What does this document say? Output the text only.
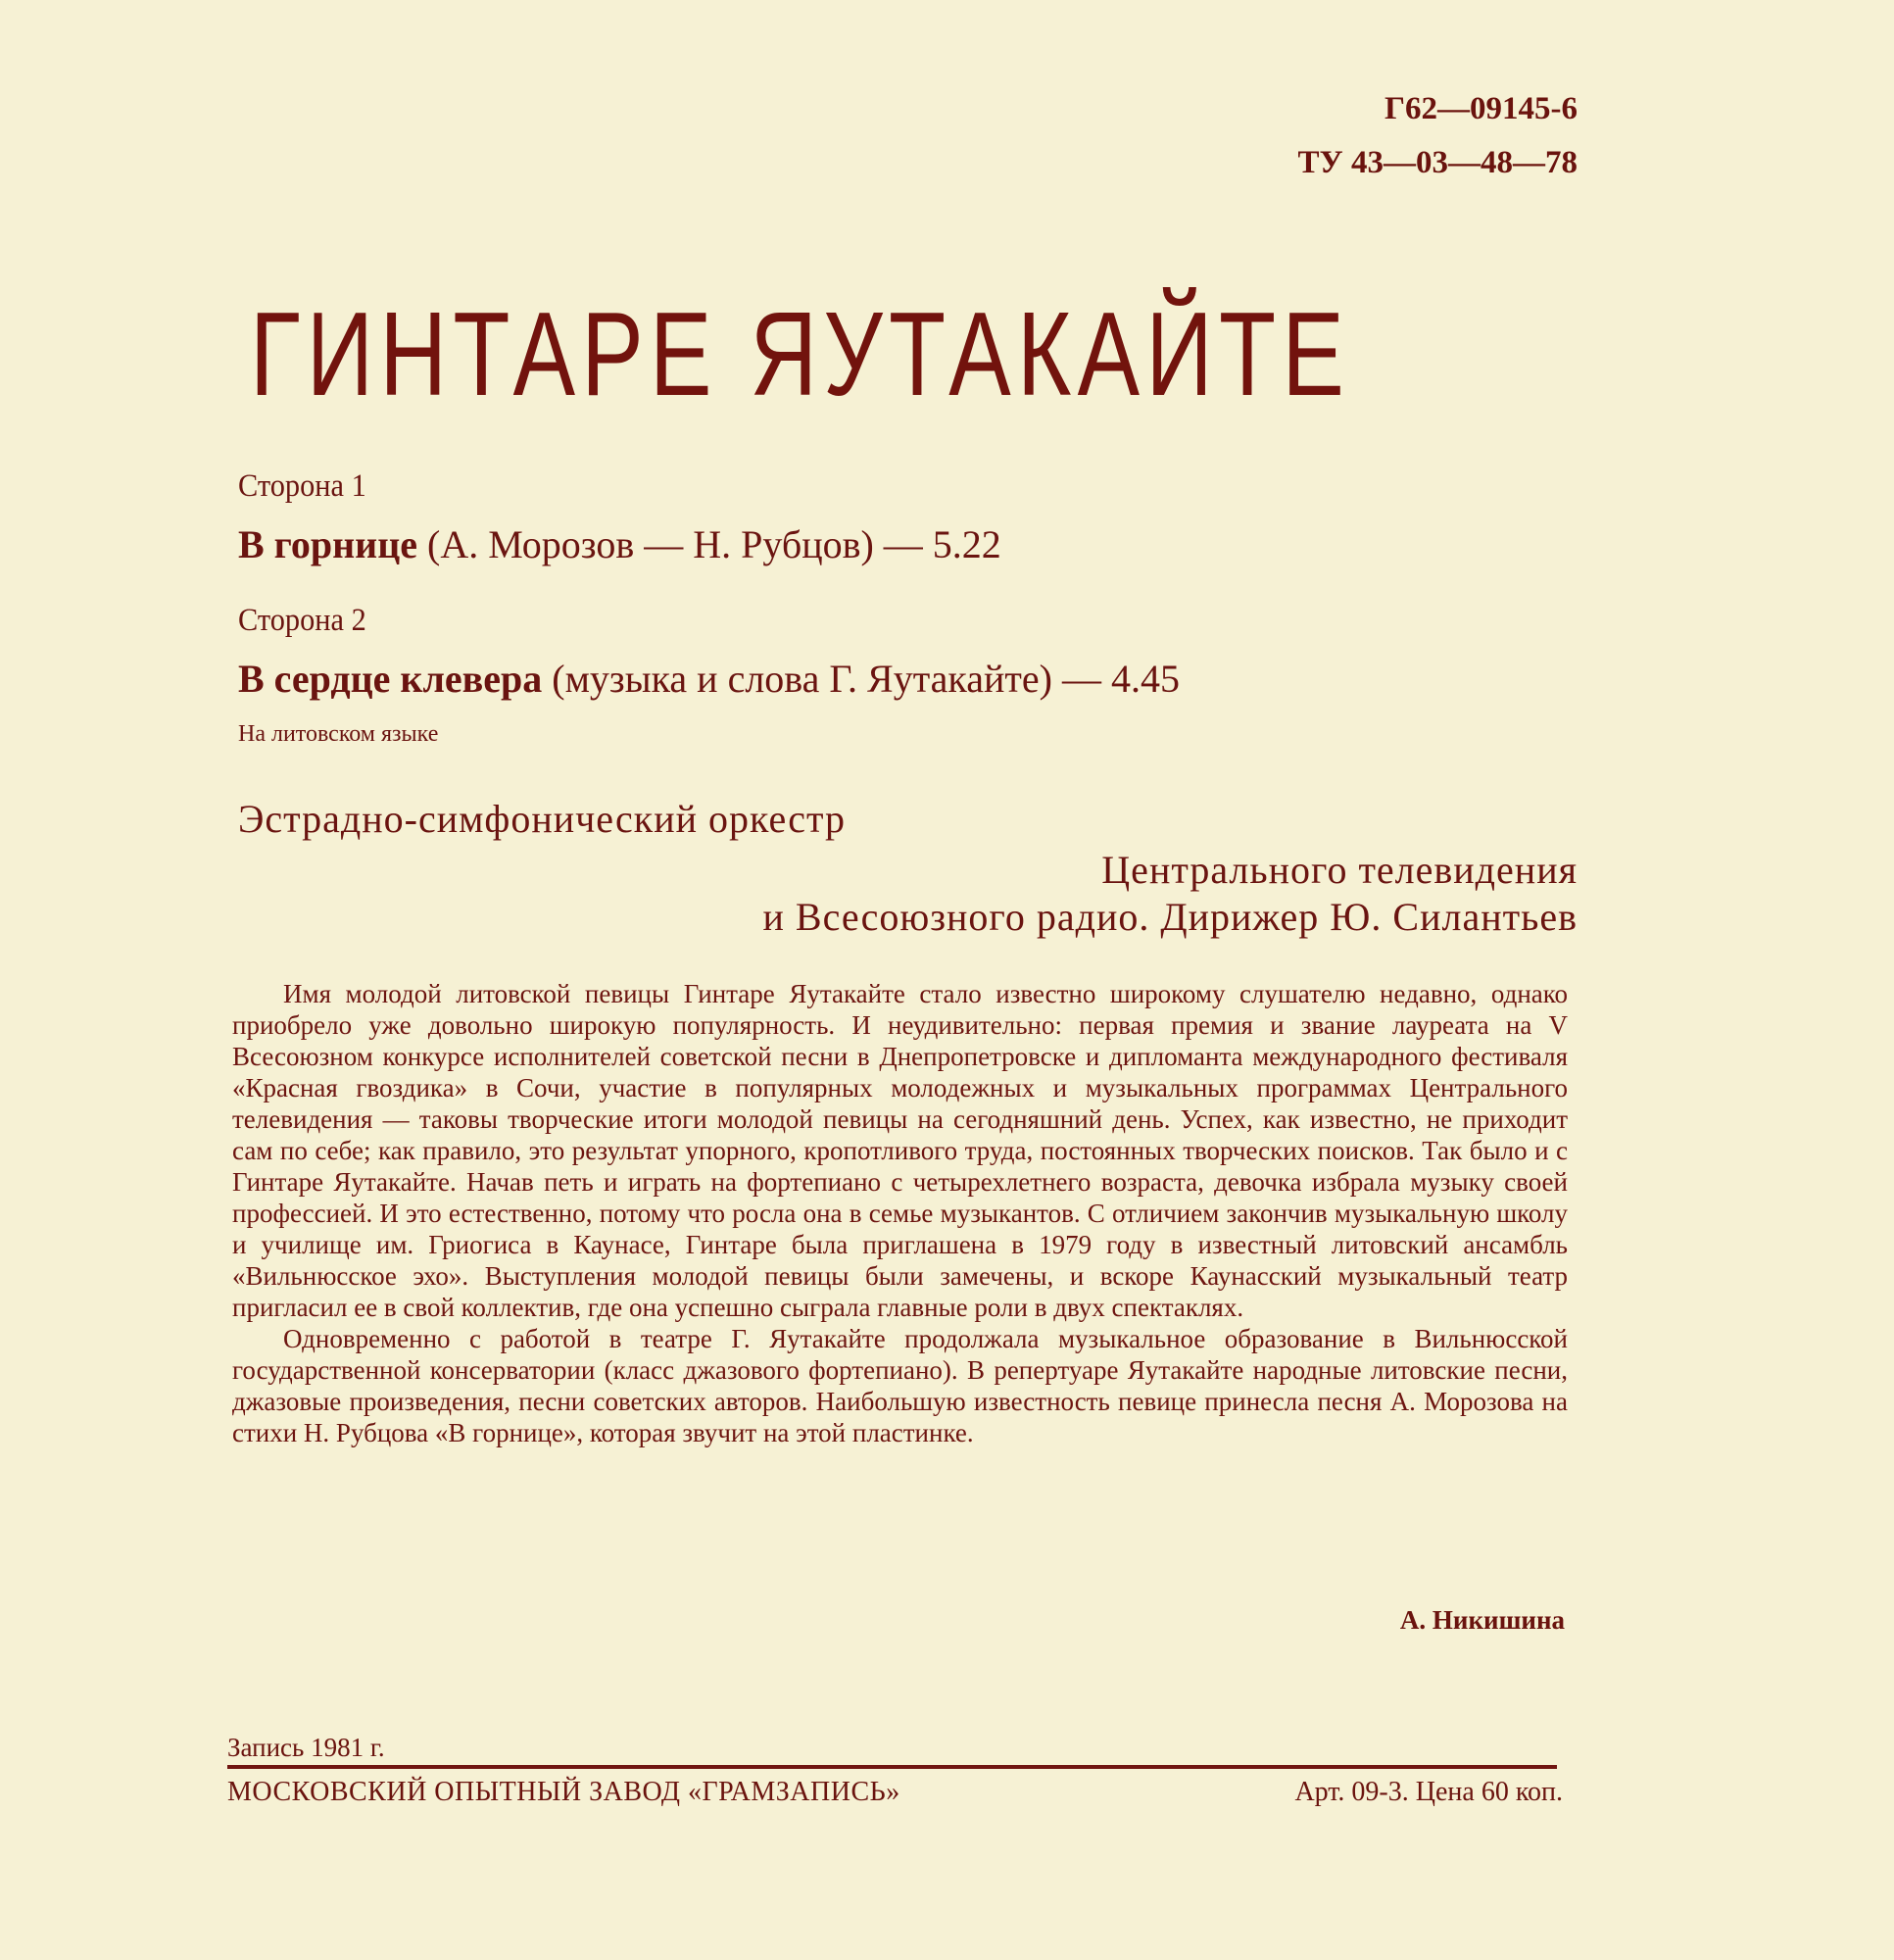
Г62—09145-6
ТУ 43—03—48—78
ГИНТАРЕ ЯУТАКАЙТЕ
Сторона 1
В горнице (А. Морозов — Н. Рубцов) — 5.22
Сторона 2
В сердце клевера (музыка и слова Г. Яутакайте) — 4.45
На литовском языке
Эстрадно-симфонический оркестр
Центрального телевидения
и Всесоюзного радио. Дирижер Ю. Силантьев

Имя молодой литовской певицы Гинтаре Яутакайте стало известно широкому слушателю недавно, однако приобрело уже довольно широкую популярность. И неудивительно: первая премия и звание лауреата на V Всесоюзном конкурсе исполнителей советской песни в Днепропетровске и дипломанта международного фестиваля «Красная гвоздика» в Сочи, участие в популярных молодежных и музыкальных программах Центрального телевидения — таковы творческие итоги молодой певицы на сегодняшний день. Успех, как известно, не приходит сам по себе; как правило, это результат упорного, кропотливого труда, постоянных творческих поисков. Так было и с Гинтаре Яутакайте. Начав петь и играть на фортепиано с четырехлетнего возраста, девочка избрала музыку своей профессией. И это естественно, потому что росла она в семье музыкантов. С отличием закончив музыкальную школу и училище им. Гриогиса в Каунасе, Гинтаре была приглашена в 1979 году в известный литовский ансамбль «Вильнюсское эхо». Выступления молодой певицы были замечены, и вскоре Каунасский музыкальный театр пригласил ее в свой коллектив, где она успешно сыграла главные роли в двух спектаклях.

Одновременно с работой в театре Г. Яутакайте продолжала музыкальное образование в Вильнюсской государственной консерватории (класс джазового фортепиано). В репертуаре Яутакайте народные литовские песни, джазовые произведения, песни советских авторов. Наибольшую известность певице принесла песня А. Морозова на стихи Н. Рубцова «В горнице», которая звучит на этой пластинке.

А. Никишина
Запись 1981 г.
МОСКОВСКИЙ ОПЫТНЫЙ ЗАВОД «ГРАМЗАПИСЬ»	Арт. 09-3. Цена 60 коп.
